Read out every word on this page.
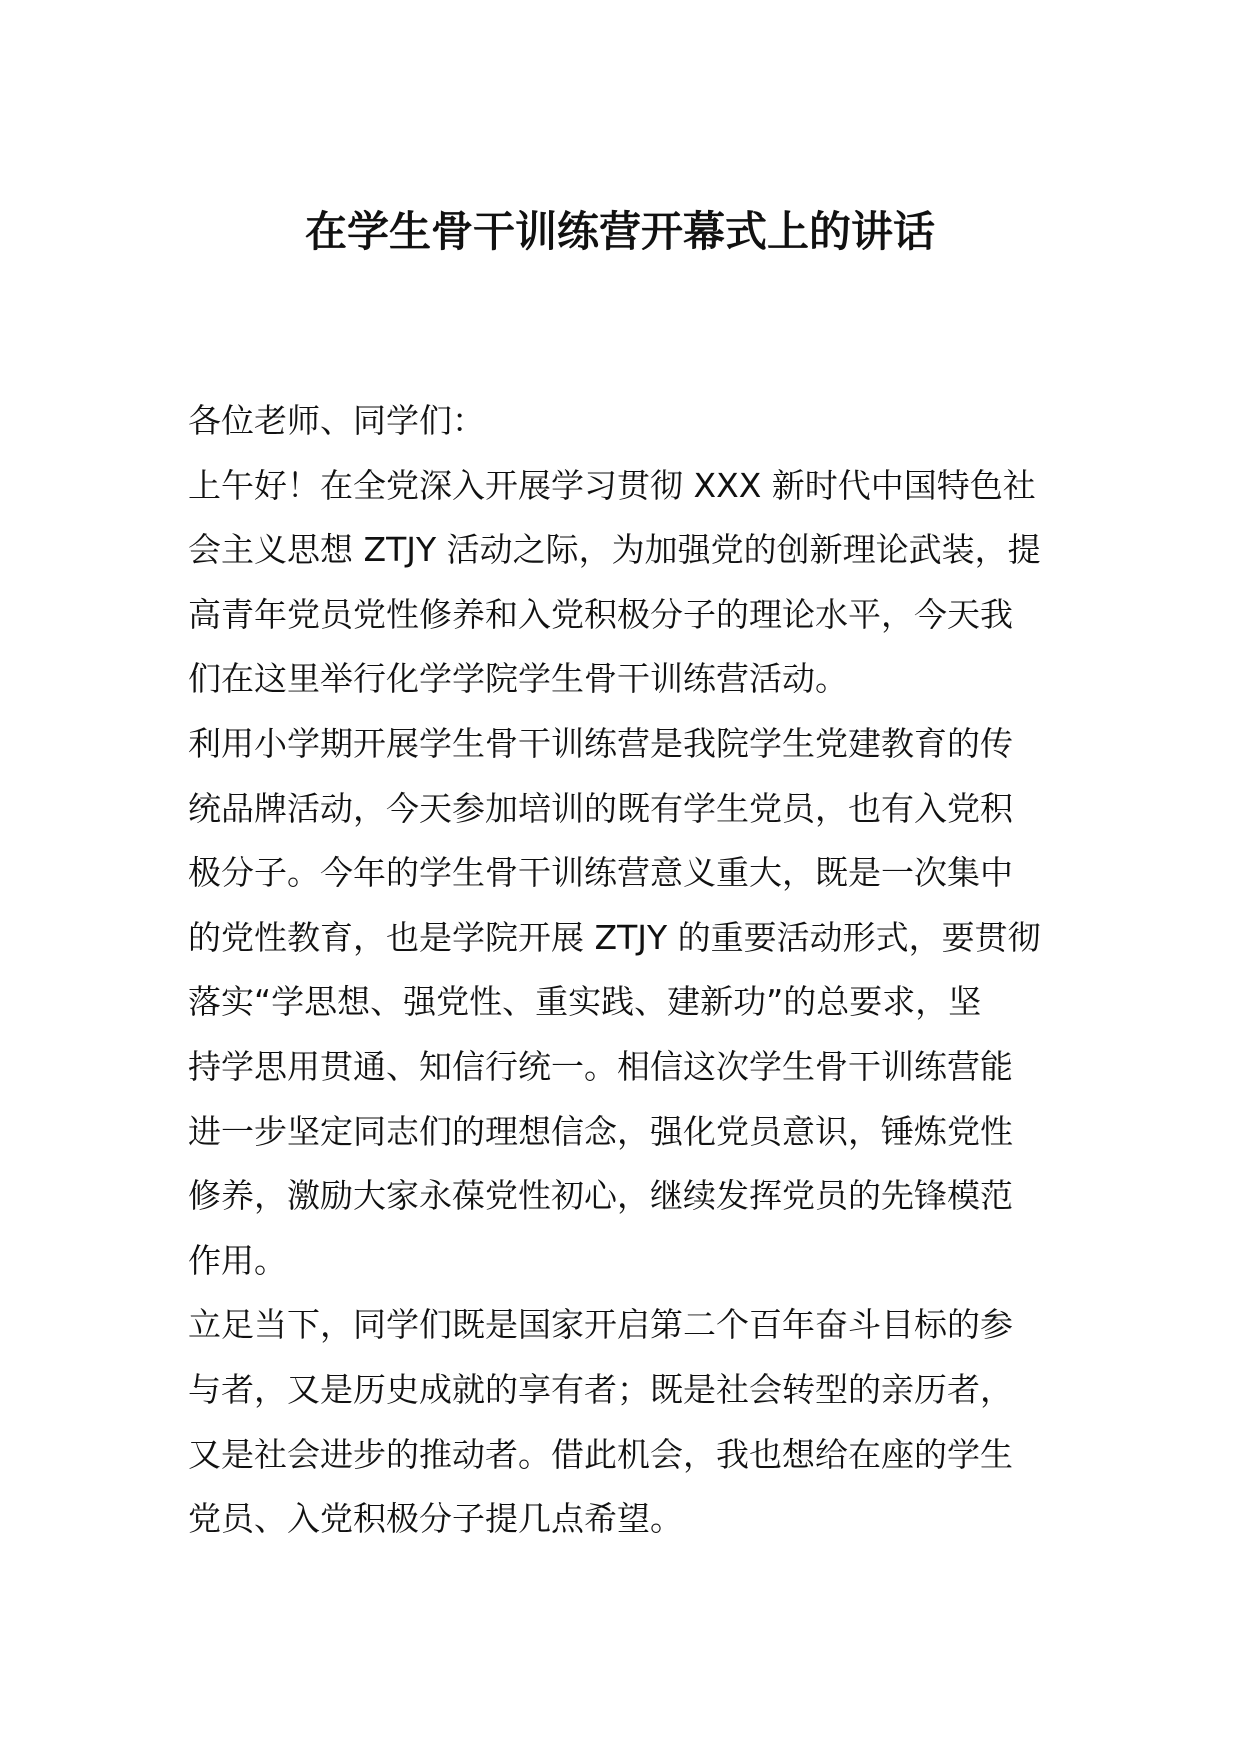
在学生骨干训练营开幕式上的讲话
各位老师、同学们：
上午好！在全党深入开展学习贯彻 XXX 新时代中国特色社
会主义思想 ZTJY 活动之际，为加强党的创新理论武装，提
高青年党员党性修养和入党积极分子的理论水平，今天我
们在这里举行化学学院学生骨干训练营活动。
利用小学期开展学生骨干训练营是我院学生党建教育的传
统品牌活动，今天参加培训的既有学生党员，也有入党积
极分子。今年的学生骨干训练营意义重大，既是一次集中
的党性教育，也是学院开展 ZTJY 的重要活动形式，要贯彻
落实“学思想、强党性、重实践、建新功”的总要求，坚
持学思用贯通、知信行统一。相信这次学生骨干训练营能
进一步坚定同志们的理想信念，强化党员意识，锤炼党性
修养，激励大家永葆党性初心，继续发挥党员的先锋模范
作用。
立足当下，同学们既是国家开启第二个百年奋斗目标的参
与者，又是历史成就的享有者；既是社会转型的亲历者，
又是社会进步的推动者。借此机会，我也想给在座的学生
党员、入党积极分子提几点希望。
